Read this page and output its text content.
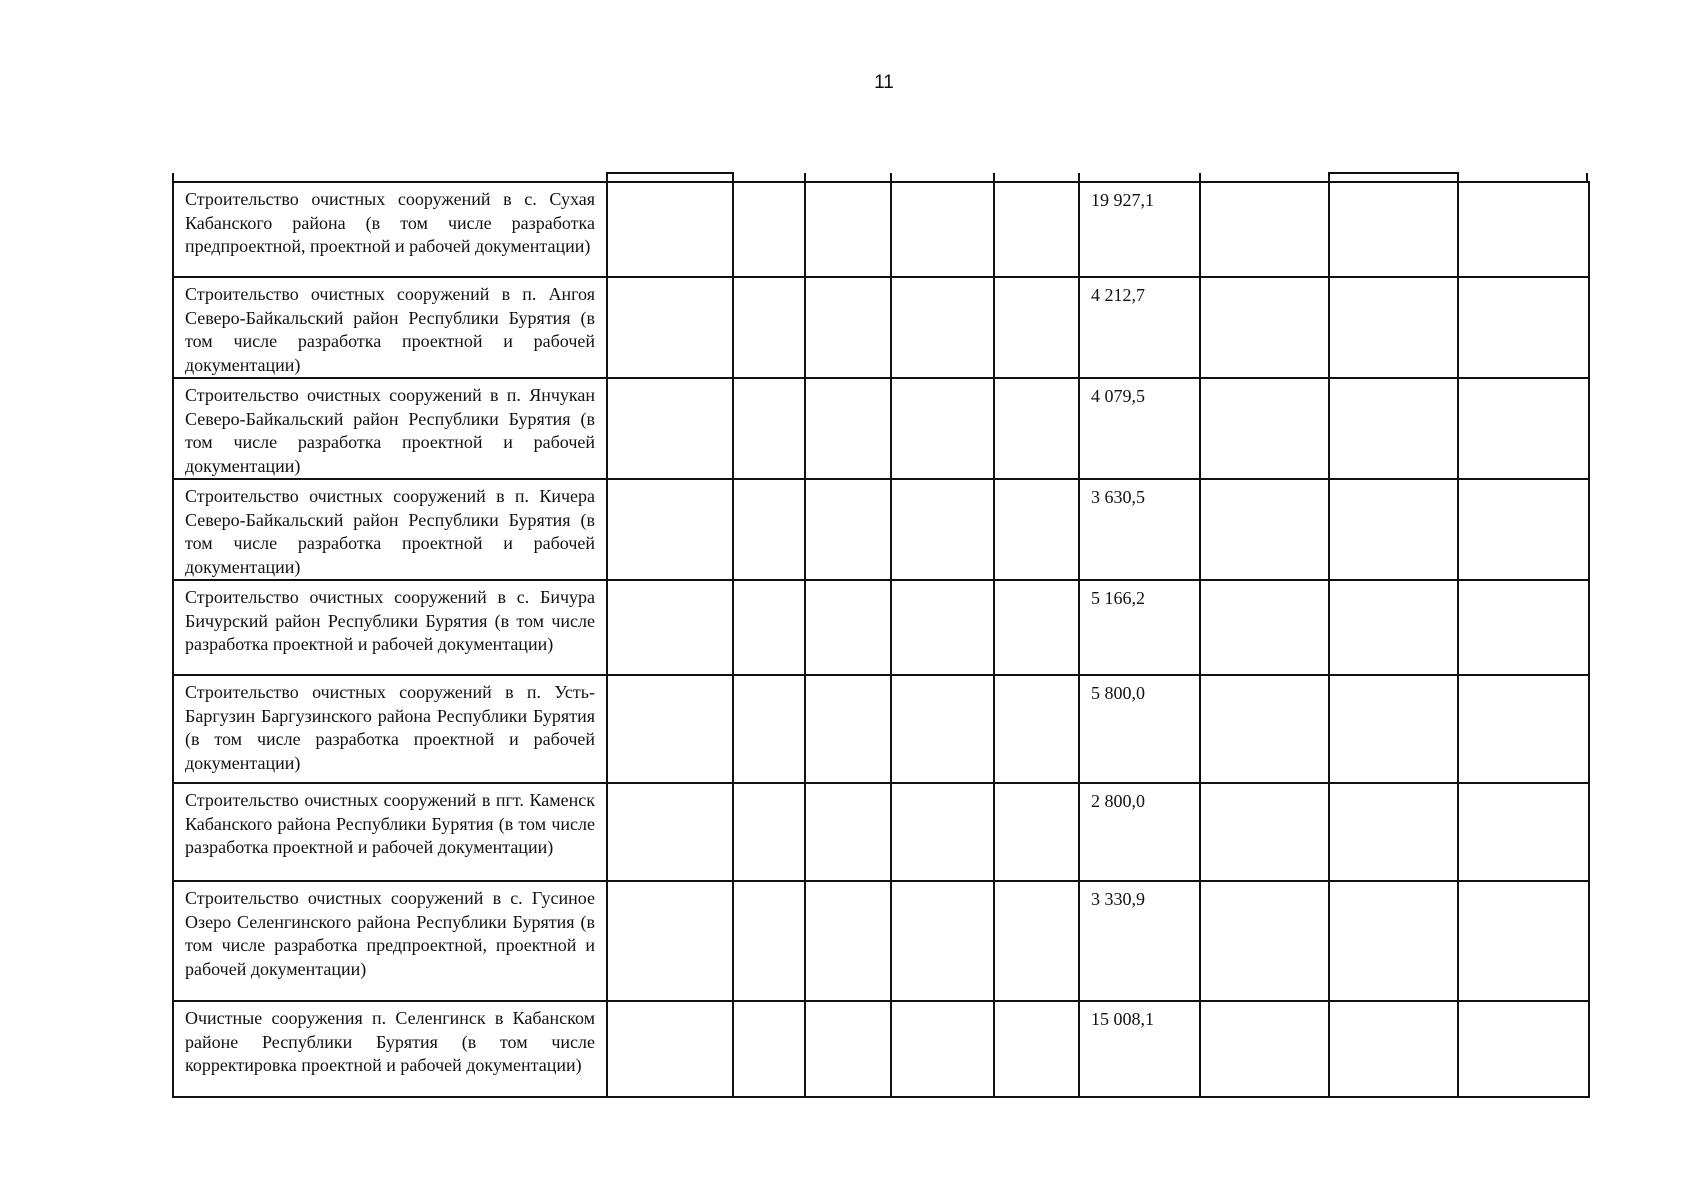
11
Строительство очистных сооружений в с. Сухая Кабанского района (в том числе разработка предпроектной, проектной и рабочей документации)						19 927,1			
Строительство очистных сооружений в п. Ангоя Северо-Байкальский район Республики Бурятия (в том числе разработка проектной и рабочей документации)						4 212,7			
Строительство очистных сооружений в п. Янчукан Северо-Байкальский район Республики Бурятия (в том числе разработка проектной и рабочей документации)						4 079,5			
Строительство очистных сооружений в п. Кичера Северо-Байкальский район Республики Бурятия (в том числе разработка проектной и рабочей документации)						3 630,5			
Строительство очистных сооружений в с. Бичура Бичурский район Республики Бурятия (в том числе разработка проектной и рабочей документации)						5 166,2			
Строительство очистных сооружений в п. Усть-Баргузин Баргузинского района Республики Бурятия (в том числе разработка проектной и рабочей документации)						5 800,0			
Строительство очистных сооружений в пгт. Каменск Кабанского района Республики Бурятия (в том числе разработка проектной и рабочей документации)						2 800,0			
Строительство очистных сооружений в с. Гусиное Озеро Селенгинского района Республики Бурятия (в том числе разработка предпроектной, проектной и рабочей документации)						3 330,9			
Очистные сооружения п. Селенгинск в Кабанском районе Республики Бурятия (в том числе корректировка проектной и рабочей документации)						15 008,1			
